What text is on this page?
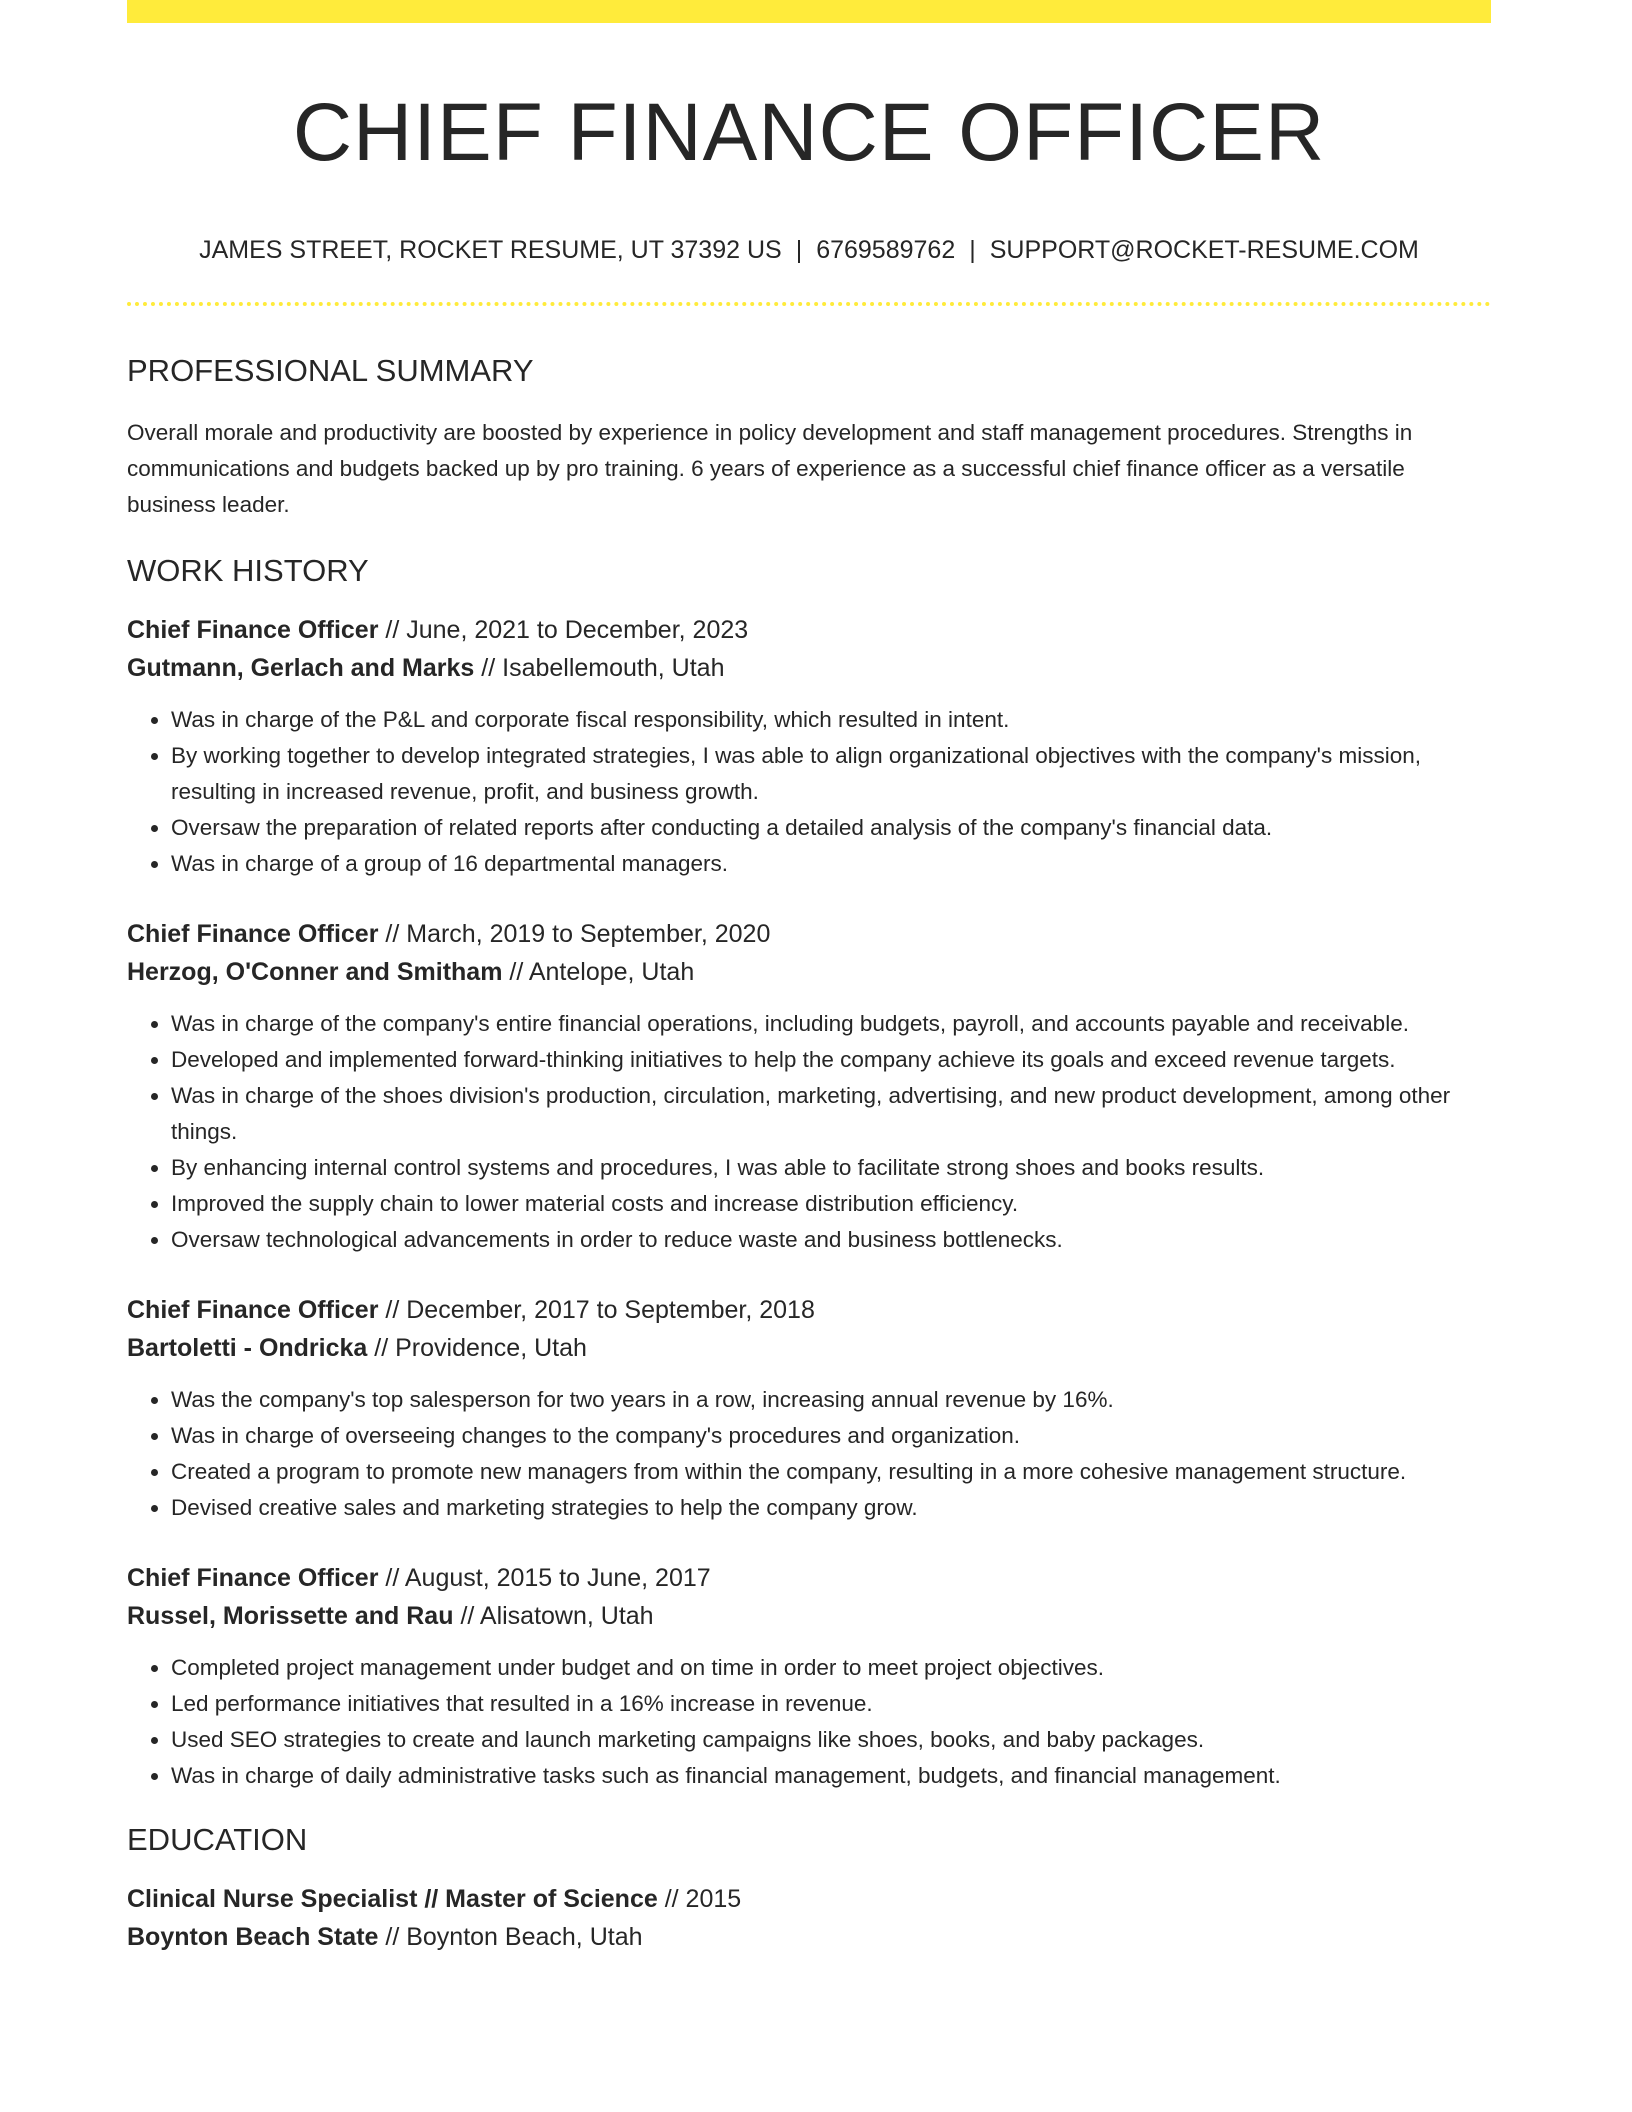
CHIEF FINANCE OFFICER
JAMES STREET, ROCKET RESUME, UT 37392 US | 6769589762 | SUPPORT@ROCKET-RESUME.COM
PROFESSIONAL SUMMARY
Overall morale and productivity are boosted by experience in policy development and staff management procedures. Strengths in communications and budgets backed up by pro training. 6 years of experience as a successful chief finance officer as a versatile business leader.
WORK HISTORY
Chief Finance Officer // June, 2021 to December, 2023
Gutmann, Gerlach and Marks // Isabellemouth, Utah
• Was in charge of the P&L and corporate fiscal responsibility, which resulted in intent.
• By working together to develop integrated strategies, I was able to align organizational objectives with the company's mission, resulting in increased revenue, profit, and business growth.
• Oversaw the preparation of related reports after conducting a detailed analysis of the company's financial data.
• Was in charge of a group of 16 departmental managers.
Chief Finance Officer // March, 2019 to September, 2020
Herzog, O'Conner and Smitham // Antelope, Utah
• Was in charge of the company's entire financial operations, including budgets, payroll, and accounts payable and receivable.
• Developed and implemented forward-thinking initiatives to help the company achieve its goals and exceed revenue targets.
• Was in charge of the shoes division's production, circulation, marketing, advertising, and new product development, among other things.
• By enhancing internal control systems and procedures, I was able to facilitate strong shoes and books results.
• Improved the supply chain to lower material costs and increase distribution efficiency.
• Oversaw technological advancements in order to reduce waste and business bottlenecks.
Chief Finance Officer // December, 2017 to September, 2018
Bartoletti - Ondricka // Providence, Utah
• Was the company's top salesperson for two years in a row, increasing annual revenue by 16%.
• Was in charge of overseeing changes to the company's procedures and organization.
• Created a program to promote new managers from within the company, resulting in a more cohesive management structure.
• Devised creative sales and marketing strategies to help the company grow.
Chief Finance Officer // August, 2015 to June, 2017
Russel, Morissette and Rau // Alisatown, Utah
• Completed project management under budget and on time in order to meet project objectives.
• Led performance initiatives that resulted in a 16% increase in revenue.
• Used SEO strategies to create and launch marketing campaigns like shoes, books, and baby packages.
• Was in charge of daily administrative tasks such as financial management, budgets, and financial management.
EDUCATION
Clinical Nurse Specialist // Master of Science // 2015
Boynton Beach State // Boynton Beach, Utah
